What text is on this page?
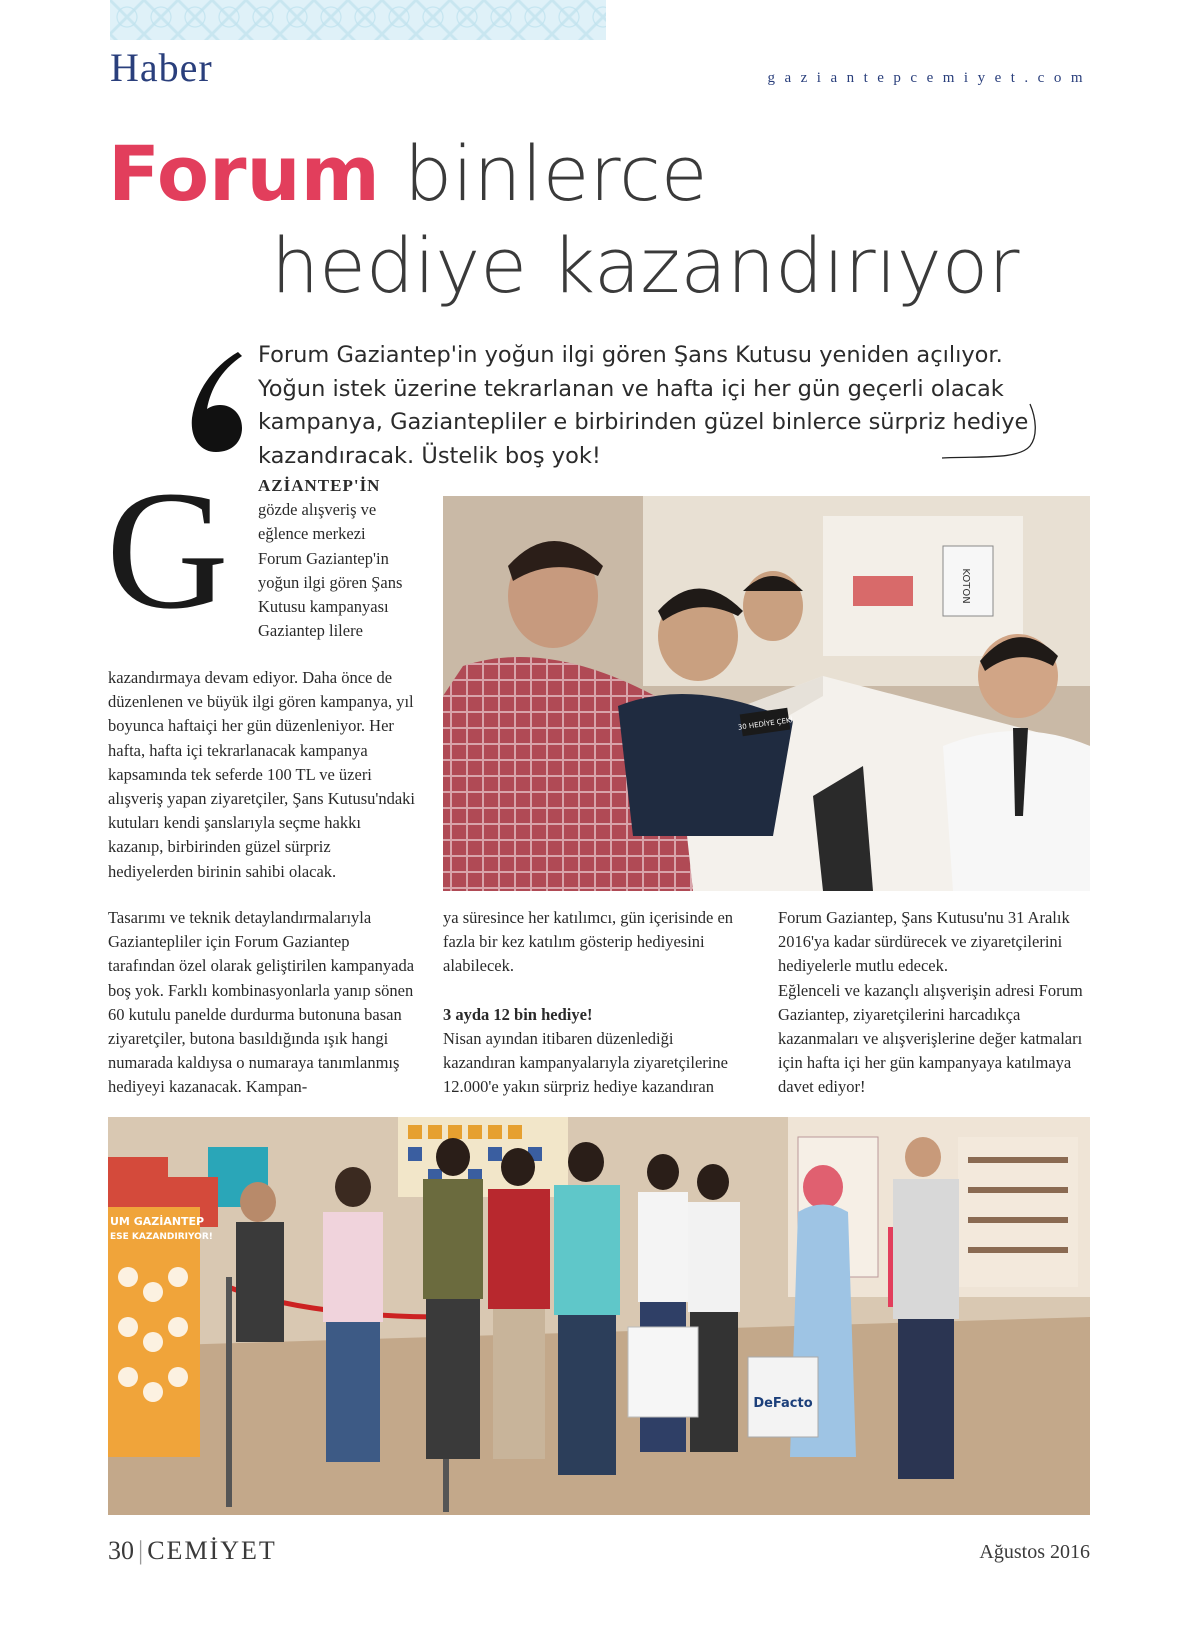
Haber	gaziantepcemiyet.com
Forum binlerce
hediye kazandırıyor
Forum Gaziantep'in yoğun ilgi gören Şans Kutusu yeniden açılıyor. Yoğun istek üzerine tekrarlanan ve hafta içi her gün geçerli olacak kampanya, Gaziantepliler e birbirinden güzel binlerce sürpriz hediye kazandıracak. Üstelik boş yok!
G AZİANTEP'İN
gözde alışveriş ve
eğlence merkezi
Forum Gaziantep'in
yoğun ilgi gören Şans
Kutusu kampanyası
Gaziantep lilere

kazandırmaya devam ediyor. Daha önce de düzenlenen ve büyük ilgi gören kampanya, yıl boyunca haftaiçi her gün düzenleniyor. Her hafta, hafta içi tekrarlanacak kampanya kapsamında tek seferde 100 TL ve üzeri alışveriş yapan ziyaretçiler, Şans Kutusu'ndaki kutuları kendi şanslarıyla seçme hakkı kazanıp, birbirinden güzel sürpriz hediyelerden birinin sahibi olacak.

Tasarımı ve teknik detaylandırmalarıyla Gaziantepliler için Forum Gaziantep tarafından özel olarak geliştirilen kampanyada boş yok. Farklı kombinasyonlarla yanıp sönen 60 kutulu panelde durdurma butonuna basan ziyaretçiler, butona basıldığında ışık hangi numarada kaldıysa o numaraya tanımlanmış hediyeyi kazanacak. Kampan-

ya süresince her katılımcı, gün içerisinde en fazla bir kez katılım gösterip hediyesini alabilecek.

3 ayda 12 bin hediye!

Nisan ayından itibaren düzenlediği kazandıran kampanyalarıyla ziyaretçilerine 12.000'e yakın sürpriz hediye kazandıran

Forum Gaziantep, Şans Kutusu'nu 31 Aralık 2016'ya kadar sürdürecek ve ziyaretçilerini hediyelerle mutlu edecek.

Eğlenceli ve kazançlı alışverişin adresi Forum Gaziantep, ziyaretçilerini harcadıkça kazanmaları ve alışverişlerine değer katmaları için hafta içi her gün kampanyaya katılmaya davet ediyor!

KOTON
30 HEDİYE ÇEKİ
UM GAZİANTEP
ESE KAZANDIRIYOR!
DeFacto
30 | CEMİYET	Ağustos 2016
